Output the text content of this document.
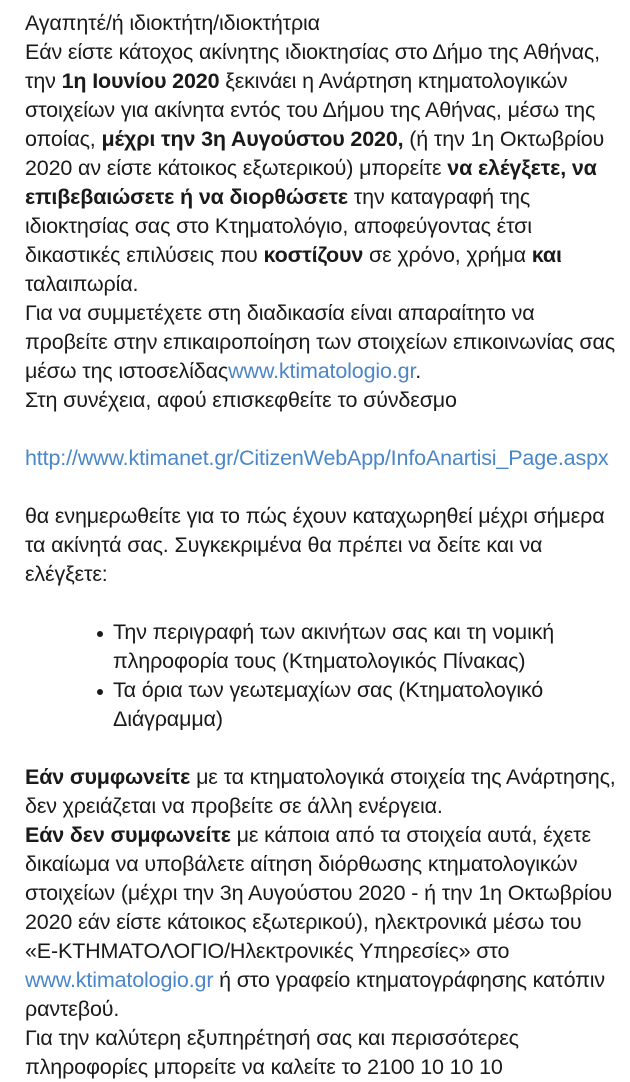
Αγαπητέ/ή ιδιοκτήτη/ιδιοκτήτρια

Εάν είστε κάτοχος ακίνητης ιδιοκτησίας στο Δήμο της Αθήνας, την 1η Ιουνίου 2020 ξεκινάει η Ανάρτηση κτηματολογικών στοιχείων για ακίνητα εντός του Δήμου της Αθήνας, μέσω της οποίας, μέχρι την 3η Αυγούστου 2020, (ή την 1η Οκτωβρίου 2020 αν είστε κάτοικος εξωτερικού) μπορείτε να ελέγξετε, να επιβεβαιώσετε ή να διορθώσετε την καταγραφή της ιδιοκτησίας σας στο Κτηματολόγιο, αποφεύγοντας έτσι δικαστικές επιλύσεις που κοστίζουν σε χρόνο, χρήμα και ταλαιπωρία.

Για να συμμετέχετε στη διαδικασία είναι απαραίτητο να προβείτε στην επικαιροποίηση των στοιχείων επικοινωνίας σας μέσω της ιστοσελίδαςwww.ktimatologio.gr.

Στη συνέχεια, αφού επισκεφθείτε το σύνδεσμο

http://www.ktimanet.gr/CitizenWebApp/InfoAnartisi_Page.aspx

θα ενημερωθείτε για το πώς έχουν καταχωρηθεί μέχρι σήμερα τα ακίνητά σας. Συγκεκριμένα θα πρέπει να δείτε και να ελέγξετε:

Την περιγραφή των ακινήτων σας και τη νομική πληροφορία τους (Κτηματολογικός Πίνακας)
Τα όρια των γεωτεμαχίων σας (Κτηματολογικό Διάγραμμα)

Εάν συμφωνείτε με τα κτηματολογικά στοιχεία της Ανάρτησης, δεν χρειάζεται να προβείτε σε άλλη ενέργεια.

Εάν δεν συμφωνείτε με κάποια από τα στοιχεία αυτά, έχετε δικαίωμα να υποβάλετε αίτηση διόρθωσης κτηματολογικών στοιχείων (μέχρι την 3η Αυγούστου 2020 - ή την 1η Οκτωβρίου 2020 εάν είστε κάτοικος εξωτερικού), ηλεκτρονικά μέσω του «Ε-ΚΤΗΜΑΤΟΛΟΓΙΟ/Ηλεκτρονικές Υπηρεσίες» στο www.ktimatologio.gr ή στο γραφείο κτηματογράφησης κατόπιν ραντεβού.

Για την καλύτερη εξυπηρέτησή σας και περισσότερες πληροφορίες μπορείτε να καλείτε το 2100 10 10 10
